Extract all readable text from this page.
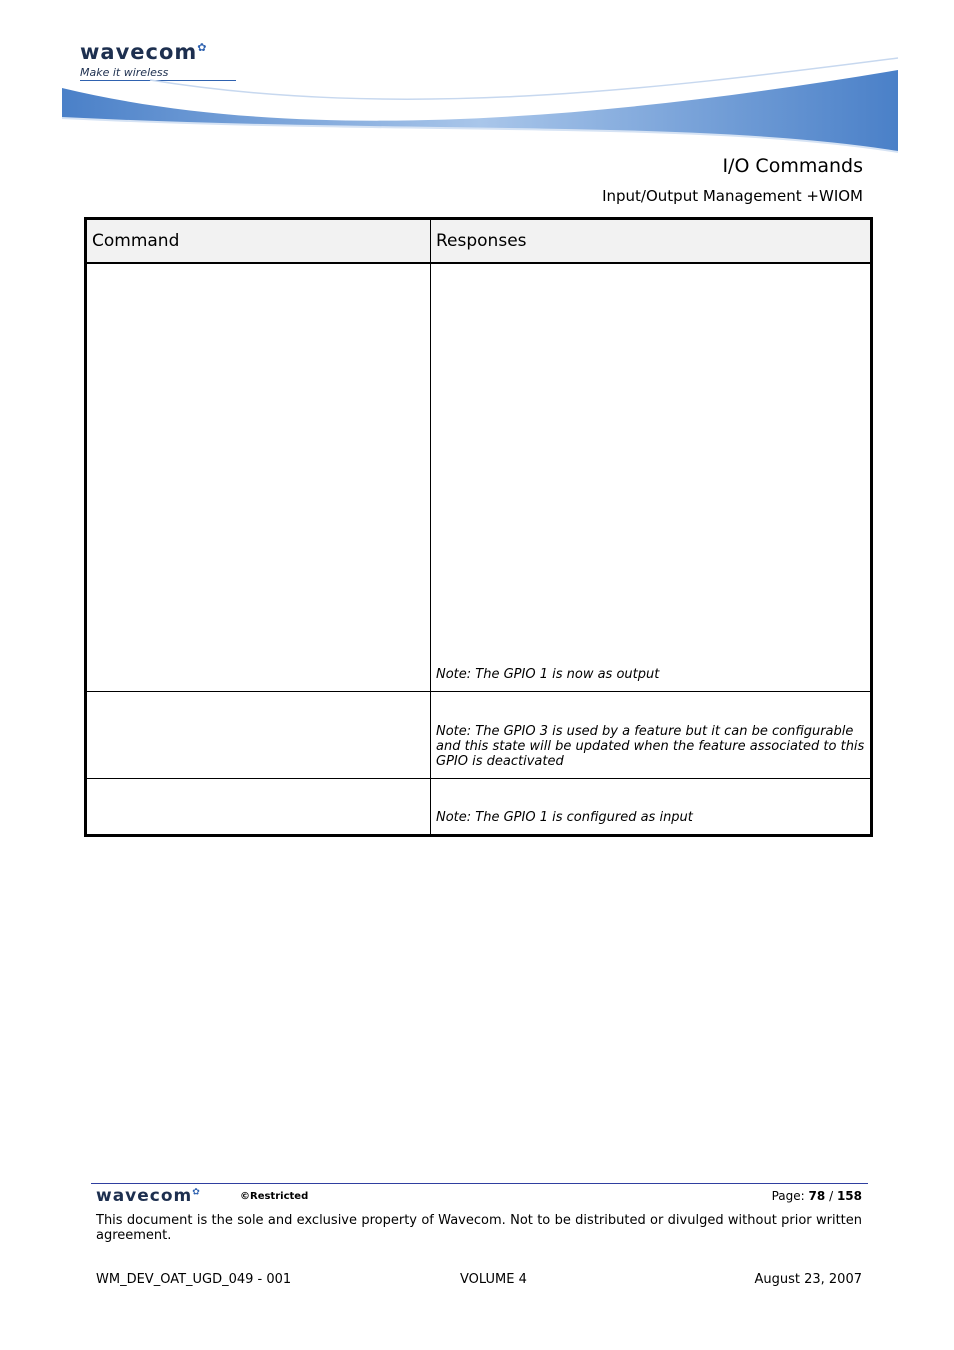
wavecom✿
Make it wireless
I/O Commands
Input/Output Management +WIOM
Command	Responses
	Note: The GPIO 1 is now as output
	Note: The GPIO 3 is used by a feature but it can be configurable and this state will be updated when the feature associated to this GPIO is deactivated
	Note: The GPIO 1 is configured as input
wavecom✿	©Restricted	Page: 78 / 158
This document is the sole and exclusive property of Wavecom. Not to be distributed or divulged without prior written agreement.
WM_DEV_OAT_UGD_049 - 001	VOLUME 4	August 23, 2007
